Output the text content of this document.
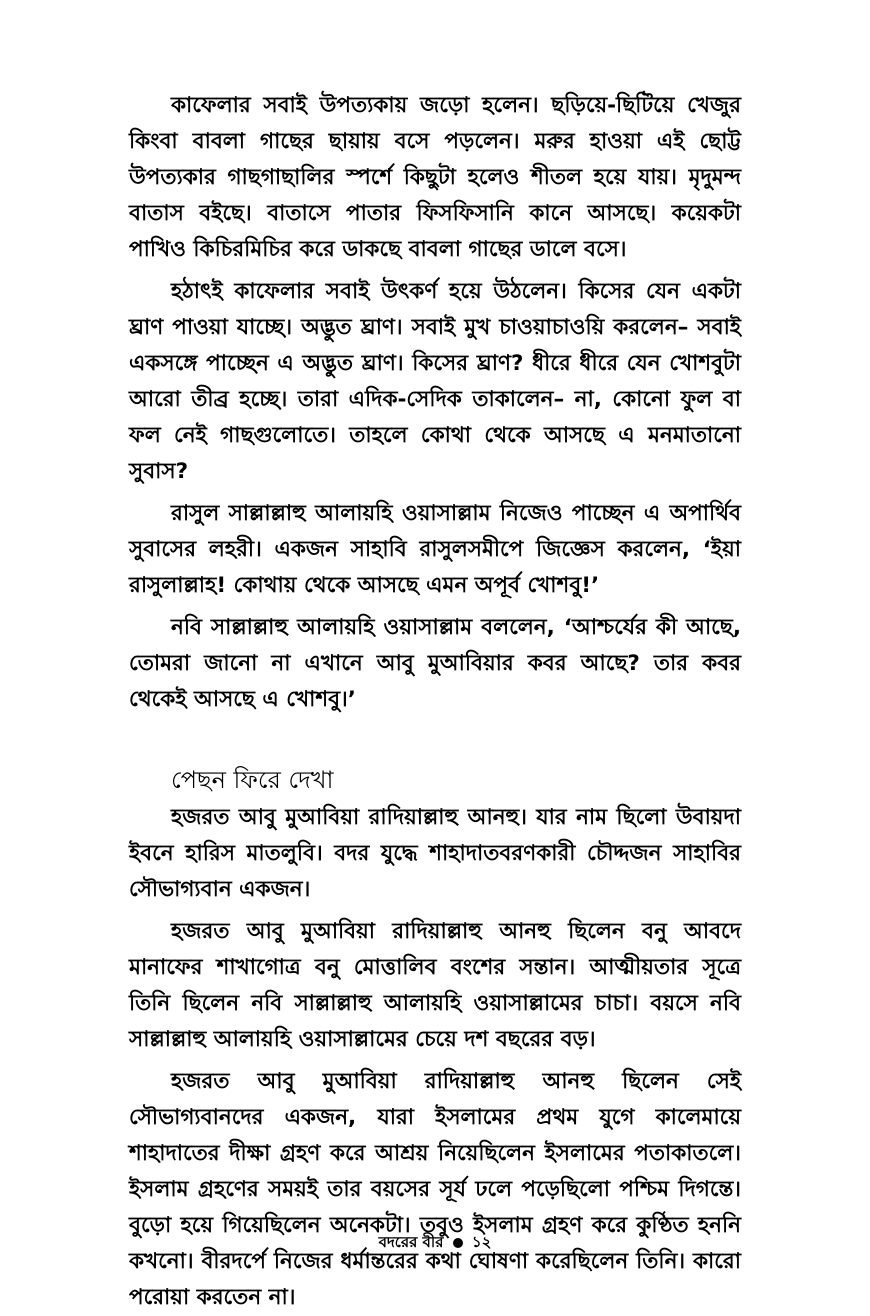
কাফেলার সবাই উপত্যকায় জড়ো হলেন। ছড়িয়ে-ছিটিয়ে খেজুর কিংবা বাবলা গাছের ছায়ায় বসে পড়লেন। মরুর হাওয়া এই ছোট্ট উপত্যকার গাছগাছালির স্পর্শে কিছুটা হলেও শীতল হয়ে যায়। মৃদুমন্দ বাতাস বইছে। বাতাসে পাতার ফিসফিসানি কানে আসছে। কয়েকটা পাখিও কিচিরমিচির করে ডাকছে বাবলা গাছের ডালে বসে।

হঠাৎই কাফেলার সবাই উৎকর্ণ হয়ে উঠলেন। কিসের যেন একটা ঘ্রাণ পাওয়া যাচ্ছে। অদ্ভুত ঘ্রাণ। সবাই মুখ চাওয়াচাওয়ি করলেন– সবাই একসঙ্গে পাচ্ছেন এ অদ্ভুত ঘ্রাণ। কিসের ঘ্রাণ? ধীরে ধীরে যেন খোশবুটা আরো তীব্র হচ্ছে। তারা এদিক-সেদিক তাকালেন– না, কোনো ফুল বা ফল নেই গাছগুলোতে। তাহলে কোথা থেকে আসছে এ মনমাতানো সুবাস?

রাসুল সাল্লাল্লাহু আলায়হি ওয়াসাল্লাম নিজেও পাচ্ছেন এ অপার্থিব সুবাসের লহরী। একজন সাহাবি রাসুলসমীপে জিজ্ঞেস করলেন, ‘ইয়া রাসুলাল্লাহ! কোথায় থেকে আসছে এমন অপূর্ব খোশবু!’

নবি সাল্লাল্লাহু আলায়হি ওয়াসাল্লাম বললেন, ‘আশ্চর্যের কী আছে, তোমরা জানো না এখানে আবু মুআবিয়ার কবর আছে? তার কবর থেকেই আসছে এ খোশবু।’

পেছন ফিরে দেখা

হজরত আবু মুআবিয়া রাদিয়াল্লাহু আনহু। যার নাম ছিলো উবায়দা ইবনে হারিস মাতলুবি। বদর যুদ্ধে শাহাদাতবরণকারী চৌদ্দজন সাহাবির সৌভাগ্যবান একজন।

হজরত আবু মুআবিয়া রাদিয়াল্লাহু আনহু ছিলেন বনু আবদে মানাফের শাখাগোত্র বনু মোত্তালিব বংশের সন্তান। আত্মীয়তার সূত্রে তিনি ছিলেন নবি সাল্লাল্লাহু আলায়হি ওয়াসাল্লামের চাচা। বয়সে নবি সাল্লাল্লাহু আলায়হি ওয়াসাল্লামের চেয়ে দশ বছরের বড়।

হজরত আবু মুআবিয়া রাদিয়াল্লাহু আনহু ছিলেন সেই সৌভাগ্যবানদের একজন, যারা ইসলামের প্রথম যুগে কালেমায়ে শাহাদাতের দীক্ষা গ্রহণ করে আশ্রয় নিয়েছিলেন ইসলামের পতাকাতলে। ইসলাম গ্রহণের সময়ই তার বয়সের সূর্য ঢলে পড়েছিলো পশ্চিম দিগন্তে। বুড়ো হয়ে গিয়েছিলেন অনেকটা। তবুও ইসলাম গ্রহণ করে কুণ্ঠিত হননি কখনো। বীরদর্পে নিজের ধর্মান্তরের কথা ঘোষণা করেছিলেন তিনি। কারো পরোয়া করতেন না।

বদরের বীর ১২
